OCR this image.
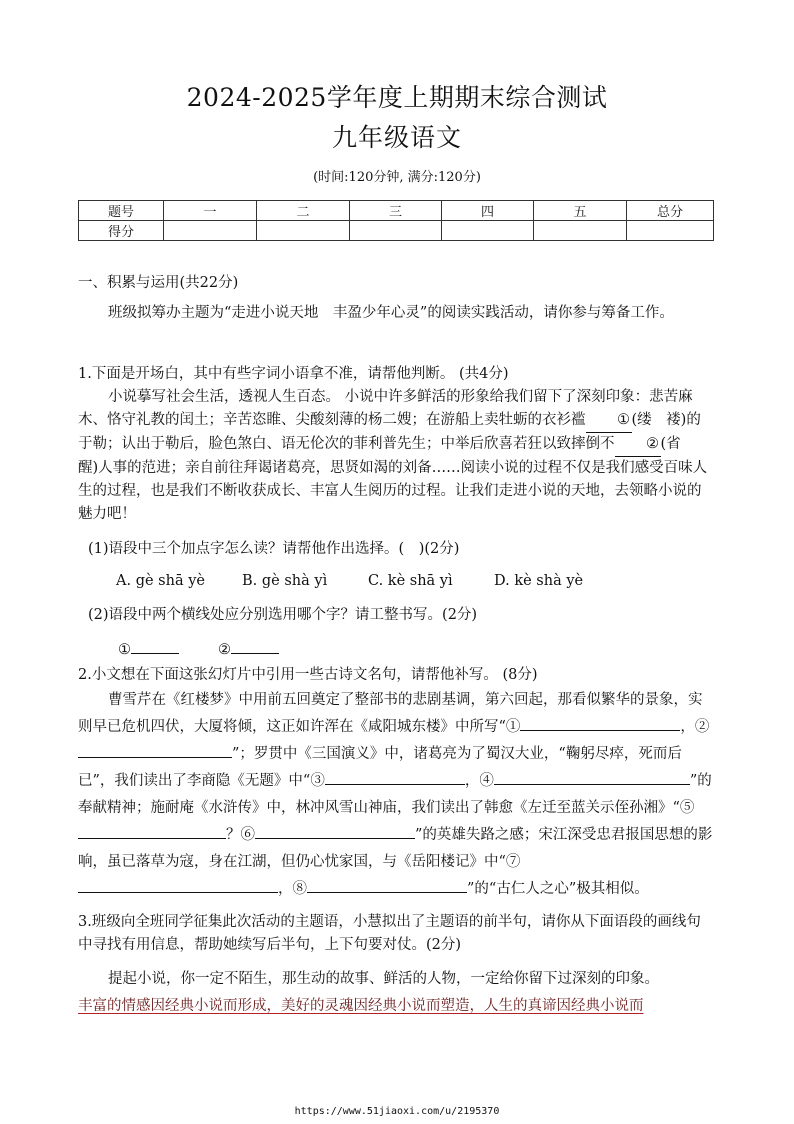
2024-2025学年度上期期末综合测试
九年级语文
(时间:120分钟, 满分:120分)
题号	一	二	三	四	五	总分
得分						

一、积累与运用(共22分)

班级拟筹办主题为“走进小说天地　丰盈少年心灵”的阅读实践活动，请你参与筹备工作。

1.下面是开场白，其中有些字词小语拿不准，请帮他判断。 (共4分)

小说摹写社会生活，透视人生百态。 小说中许多鲜活的形象给我们留下了深刻印象：悲苦麻木、恪守礼教的闰土；辛苦恣睢、尖酸刻薄的杨二嫂；在游船上卖牡蛎的衣衫褴 ① (缕　褛)的于勒；认出于勒后，脸色煞白、语无伦次的菲利普先生；中举后欣喜若狂以致摔倒不 ② (省　醒)人事的范进；亲自前往拜谒诸葛亮，思贤如渴的刘备……阅读小说的过程不仅是我们感受百味人生的过程，也是我们不断收获成长、丰富人生阅历的过程。让我们走进小说的天地，去领略小说的魅力吧！

(1)语段中三个加点字怎么读？请帮他作出选择。(　)(2分)

A. gè shā yè	B. gè shà yì	C. kè shā yì	D. kè shà yè

(2)语段中两个横线处应分别选用哪个字？请工整书写。(2分)

①	②

2.小文想在下面这张幻灯片中引用一些古诗文名句，请帮他补写。 (8分)

曹雪芹在《红楼梦》中用前五回奠定了整部书的悲剧基调，第六回起，那看似繁华的景象，实则早已危机四伏，大厦将倾，这正如许浑在《咸阳城东楼》中所写“①	，②”；罗贯中《三国演义》中，诸葛亮为了蜀汉大业，“鞠躬尽瘁，死而后已”，我们读出了李商隐《无题》中“③	，④	”的奉献精神；施耐庵《水浒传》中，林冲风雪山神庙，我们读出了韩愈《左迁至蓝关示侄孙湘》“⑤？⑥	”的英雄失路之感；宋江深受忠君报国思想的影响，虽已落草为寇，身在江湖，但仍心忧家国，与《岳阳楼记》中“⑦，⑧	”的“古仁人之心”极其相似。

3.班级向全班同学征集此次活动的主题语，小慧拟出了主题语的前半句，请你从下面语段的画线句中寻找有用信息，帮助她续写后半句，上下句要对仗。(2分)

提起小说，你一定不陌生，那生动的故事、鲜活的人物，一定给你留下过深刻的印象。

丰富的情感因经典小说而形成，美好的灵魂因经典小说而塑造，人生的真谛因经典小说而

https://www.51jiaoxi.com/u/2195370
